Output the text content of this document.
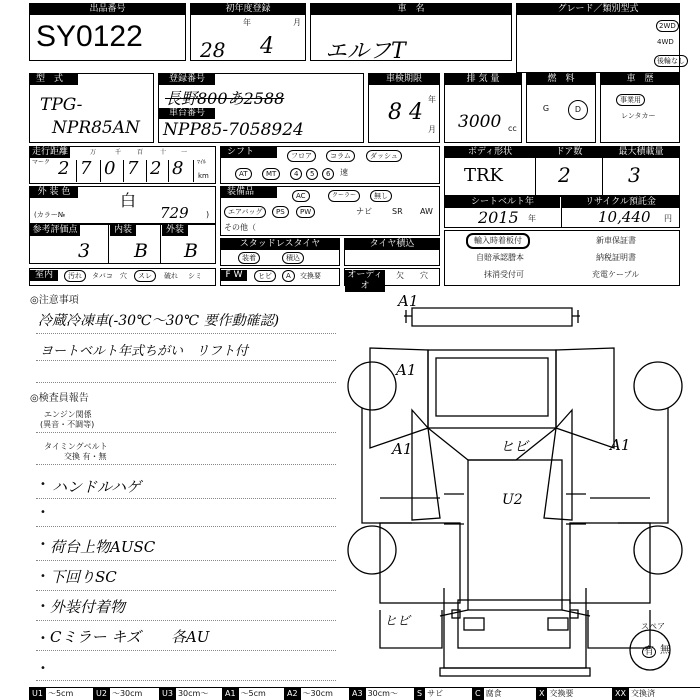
出品番号
SY0122
初年度登録
年	月
28 4
車　名
エルフT
グレード／類別型式
2WD
4WD
後輪なし
型　式
TPG-
NPR85AN
登録番号
長野800あ2588
車台番号
NPP85-7058924
車検期限
年
月
8 4
排 気 量
3000 cc
燃　料
G	D
車　歴
事業用
レンタカー
走行距離
マーク
万	千	百	十 一
2 7 0 7 2 8 ﾏｲﾙ
km
外 装 色	白
(カラー№	729 )
シフト	フロア	コラム	ダッシュ
AT	MT	4	5	6	速
装備品	AC	クーラー	無し
エアバッグ	PS	PW	ナビ	SR AW
その他（
ボディ形状	ドア数	最大積載量
TRK	2	3
シートベルト年	リサイクル預託金
2015 年	10,440 円
参考評価点	内装	外装
3 B B	スタッドレスタイヤ
装着	積込
タイヤ積込
F W	ヒビ	A	交換要	オーディオ
欠 穴
室内	汚れ	タバコ 穴	スレ	破れ シミ
輸入時着板付	新車保証書
自賠承認謄本	納税証明書
抹消受付可	充電ケーブル
◎注意事項
冷蔵冷凍車(-30℃～30℃ 要作動確認)
ヨートベルト年式ちがい　リフト付
◎検査員報告
エンジン関係
(異音・不調等)
タイミングベルト
交換 有・無
• ハンドルハゲ
•
• 荷台上物AUSC
• 下回りSC
• 外装付着物
• Cミラー キズ　　各AU
•
A1
A1
A1	A1
ヒビ
U2
ヒビ	スペア
有 無
U1 ～5cm	U2 ～30cm	U3 30cm～	A1 ～5cm	A2 ～30cm	A3 30cm～	S サビ	C 腐食	X 交換要	XX 交換済
